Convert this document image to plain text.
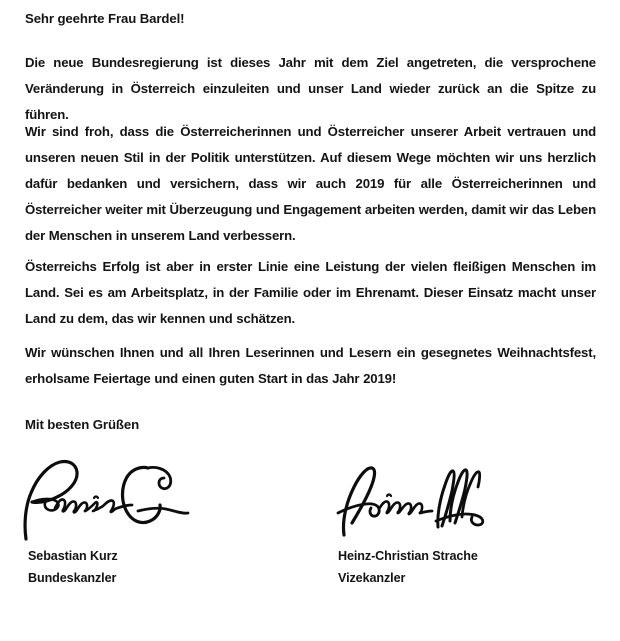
Sehr geehrte Frau Bardel!

Die neue Bundesregierung ist dieses Jahr mit dem Ziel angetreten, die versprochene Veränderung in Österreich einzuleiten und unser Land wieder zurück an die Spitze zu führen.

Wir sind froh, dass die Österreicherinnen und Österreicher unserer Arbeit vertrauen und unseren neuen Stil in der Politik unterstützen. Auf diesem Wege möchten wir uns herzlich dafür bedanken und versichern, dass wir auch 2019 für alle Österreicherinnen und Österreicher weiter mit Überzeugung und Engagement arbeiten werden, damit wir das Leben der Menschen in unserem Land verbessern.

Österreichs Erfolg ist aber in erster Linie eine Leistung der vielen fleißigen Menschen im Land. Sei es am Arbeitsplatz, in der Familie oder im Ehrenamt. Dieser Einsatz macht unser Land zu dem, das wir kennen und schätzen.

Wir wünschen Ihnen und all Ihren Leserinnen und Lesern ein gesegnetes Weihnachtsfest, erholsame Feiertage und einen guten Start in das Jahr 2019!

Mit besten Grüßen
Sebastian Kurz
Bundeskanzler
Heinz-Christian Strache
Vizekanzler
